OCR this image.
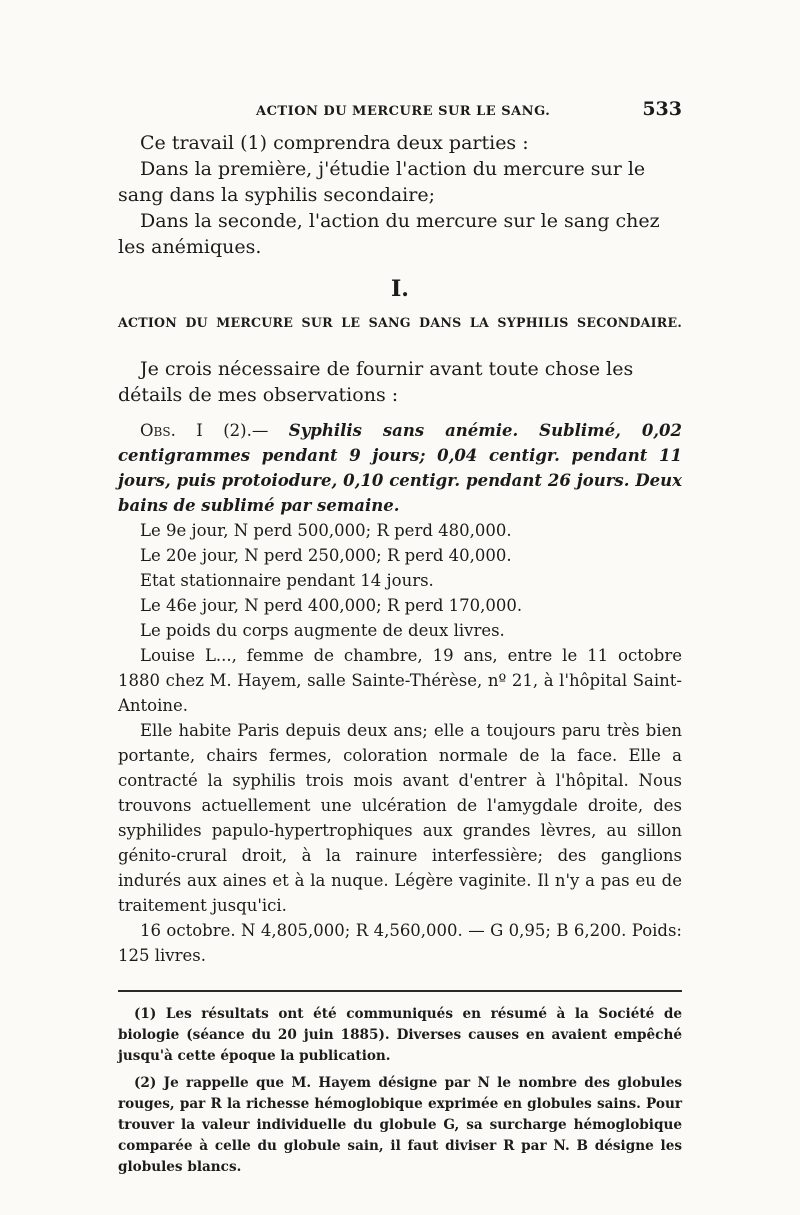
ACTION DU MERCURE SUR LE SANG.	533

Ce travail (1) comprendra deux parties :

Dans la première, j'étudie l'action du mercure sur le sang dans la syphilis secondaire;

Dans la seconde, l'action du mercure sur le sang chez les anémiques.

I.
ACTION DU MERCURE SUR LE SANG DANS LA SYPHILIS SECONDAIRE.

Je crois nécessaire de fournir avant toute chose les détails de mes observations :

Obs. I (2).— Syphilis sans anémie. Sublimé, 0,02 centigrammes pendant 9 jours; 0,04 centigr. pendant 11 jours, puis protoiodure, 0,10 centigr. pendant 26 jours. Deux bains de sublimé par semaine.

Le 9e jour, N perd 500,000; R perd 480,000.

Le 20e jour, N perd 250,000; R perd 40,000.

Etat stationnaire pendant 14 jours.

Le 46e jour, N perd 400,000; R perd 170,000.

Le poids du corps augmente de deux livres.

Louise L..., femme de chambre, 19 ans, entre le 11 octobre 1880 chez M. Hayem, salle Sainte-Thérèse, nº 21, à l'hôpital Saint-Antoine.

Elle habite Paris depuis deux ans; elle a toujours paru très bien portante, chairs fermes, coloration normale de la face. Elle a contracté la syphilis trois mois avant d'entrer à l'hôpital. Nous trouvons actuellement une ulcération de l'amygdale droite, des syphilides papulo-hypertrophiques aux grandes lèvres, au sillon génito-crural droit, à la rainure interfessière; des ganglions indurés aux aines et à la nuque. Légère vaginite. Il n'y a pas eu de traitement jusqu'ici.

16 octobre. N 4,805,000; R 4,560,000. — G 0,95; B 6,200. Poids: 125 livres.

(1) Les résultats ont été communiqués en résumé à la Société de biologie (séance du 20 juin 1885). Diverses causes en avaient empêché jusqu'à cette époque la publication.

(2) Je rappelle que M. Hayem désigne par N le nombre des globules rouges, par R la richesse hémoglobique exprimée en globules sains. Pour trouver la valeur individuelle du globule G, sa surcharge hémoglobique comparée à celle du globule sain, il faut diviser R par N. B désigne les globules blancs.
